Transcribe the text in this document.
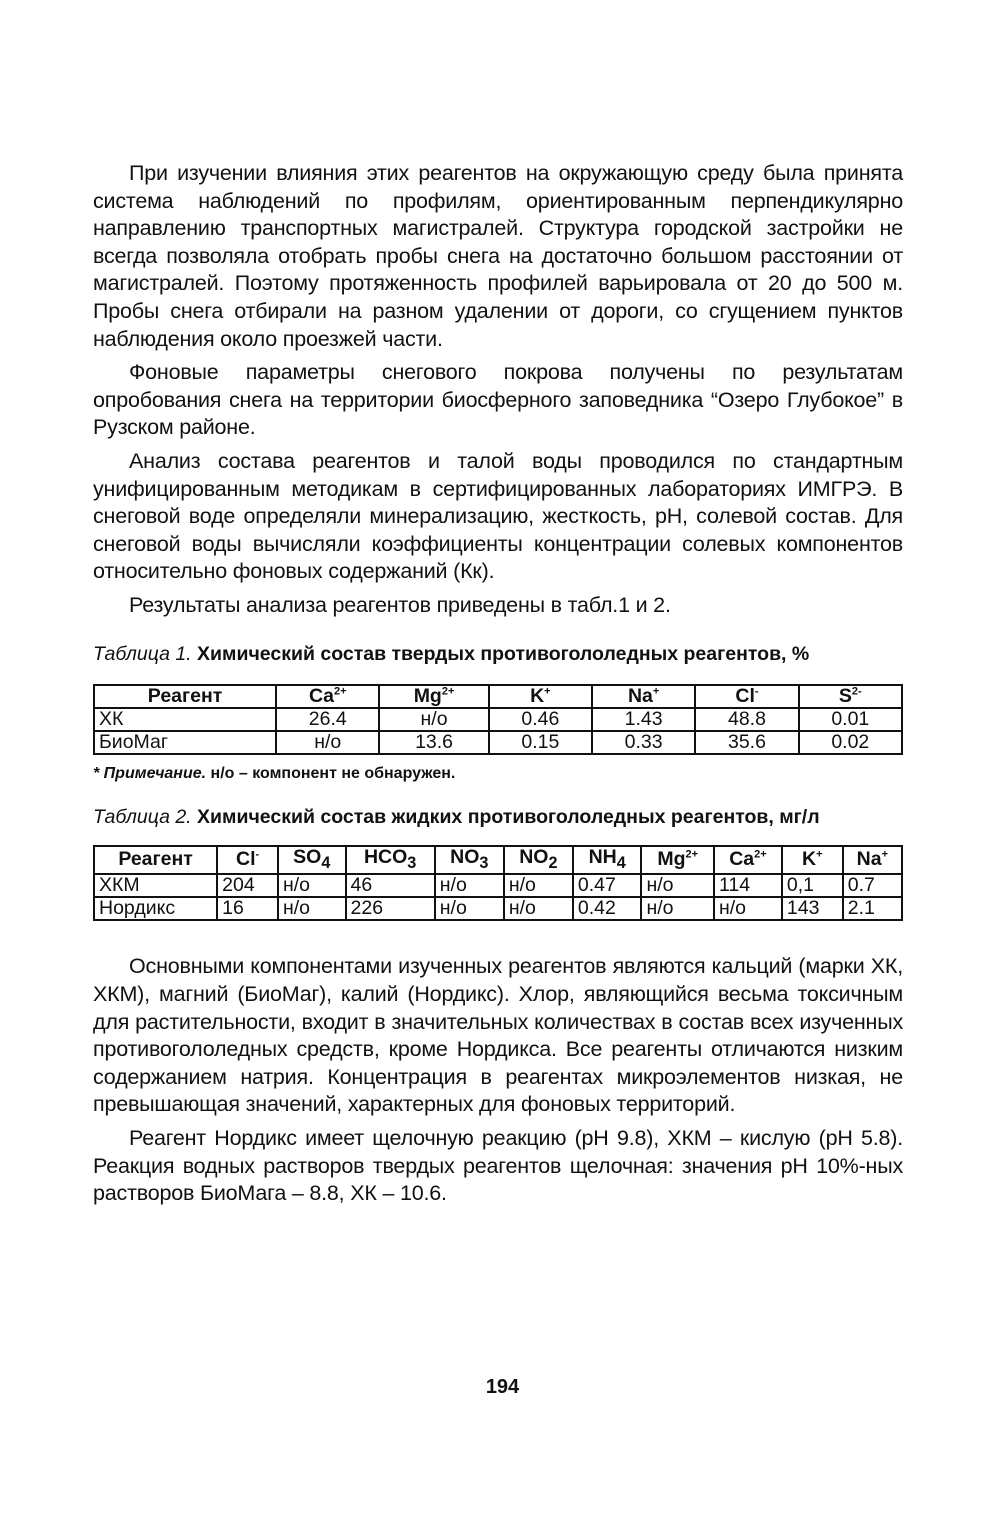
При изучении влияния этих реагентов на окружающую среду была принята система наблюдений по профилям, ориентированным перпендикулярно направлению транспортных магистралей. Структура городской застройки не всегда позволяла отобрать пробы снега на достаточно большом расстоянии от магистралей. Поэтому протяженность профилей варьировала от 20 до 500 м. Пробы снега отбирали на разном удалении от дороги, со сгущением пунктов наблюдения около проезжей части.

Фоновые параметры снегового покрова получены по результатам опробования снега на территории биосферного заповедника “Озеро Глубокое” в Рузском районе.

Анализ состава реагентов и талой воды проводился по стандартным унифицированным методикам в сертифицированных лабораториях ИМГРЭ. В снеговой воде определяли минерализацию, жесткость, pH, солевой состав. Для снеговой воды вычисляли коэффициенты концентрации солевых компонентов относительно фоновых содержаний (Кк).

Результаты анализа реагентов приведены в табл.1 и 2.

Таблица 1. Химический состав твердых противогололедных реагентов, %

Реагент	$Ca^{2+}$	$Mg^{2+}$	K+	Na+	Cl-	$S^{2-}$
ХК	26.4	н/о	0.46	1.43	48.8	0.01
БиоМаг	н/о	13.6	0.15	0.33	35.6	0.02

* Примечание. н/о – компонент не обнаружен.

Таблица 2. Химический состав жидких противогололедных реагентов, мг/л

Реагент	Cl-	$SO_4$	$HCO_3$	$NO_3$	$NO_2$	$NH_4$	$Mg^{2+}$	$Ca^{2+}$	K+	Na+
ХКМ	204	н/о	46	н/о	н/о	0.47	н/о	114	0,1	0.7
Нордикс	16	н/о	226	н/о	н/о	0.42	н/о	н/о	143	2.1

Основными компонентами изученных реагентов являются кальций (марки ХК, ХКМ), магний (БиоМаг), калий (Нордикс). Хлор, являющийся весьма токсичным для растительности, входит в значительных количествах в состав всех изученных противогололедных средств, кроме Нордикса. Все реагенты отличаются низким содержанием натрия. Концентрация в реагентах микроэлементов низкая, не превышающая значений, характерных для фоновых территорий.

Реагент Нордикс имеет щелочную реакцию (pH 9.8), ХКМ – кислую (pH 5.8). Реакция водных растворов твердых реагентов щелочная: значения pH 10%-ных растворов БиоМага – 8.8, ХК – 10.6.

194
